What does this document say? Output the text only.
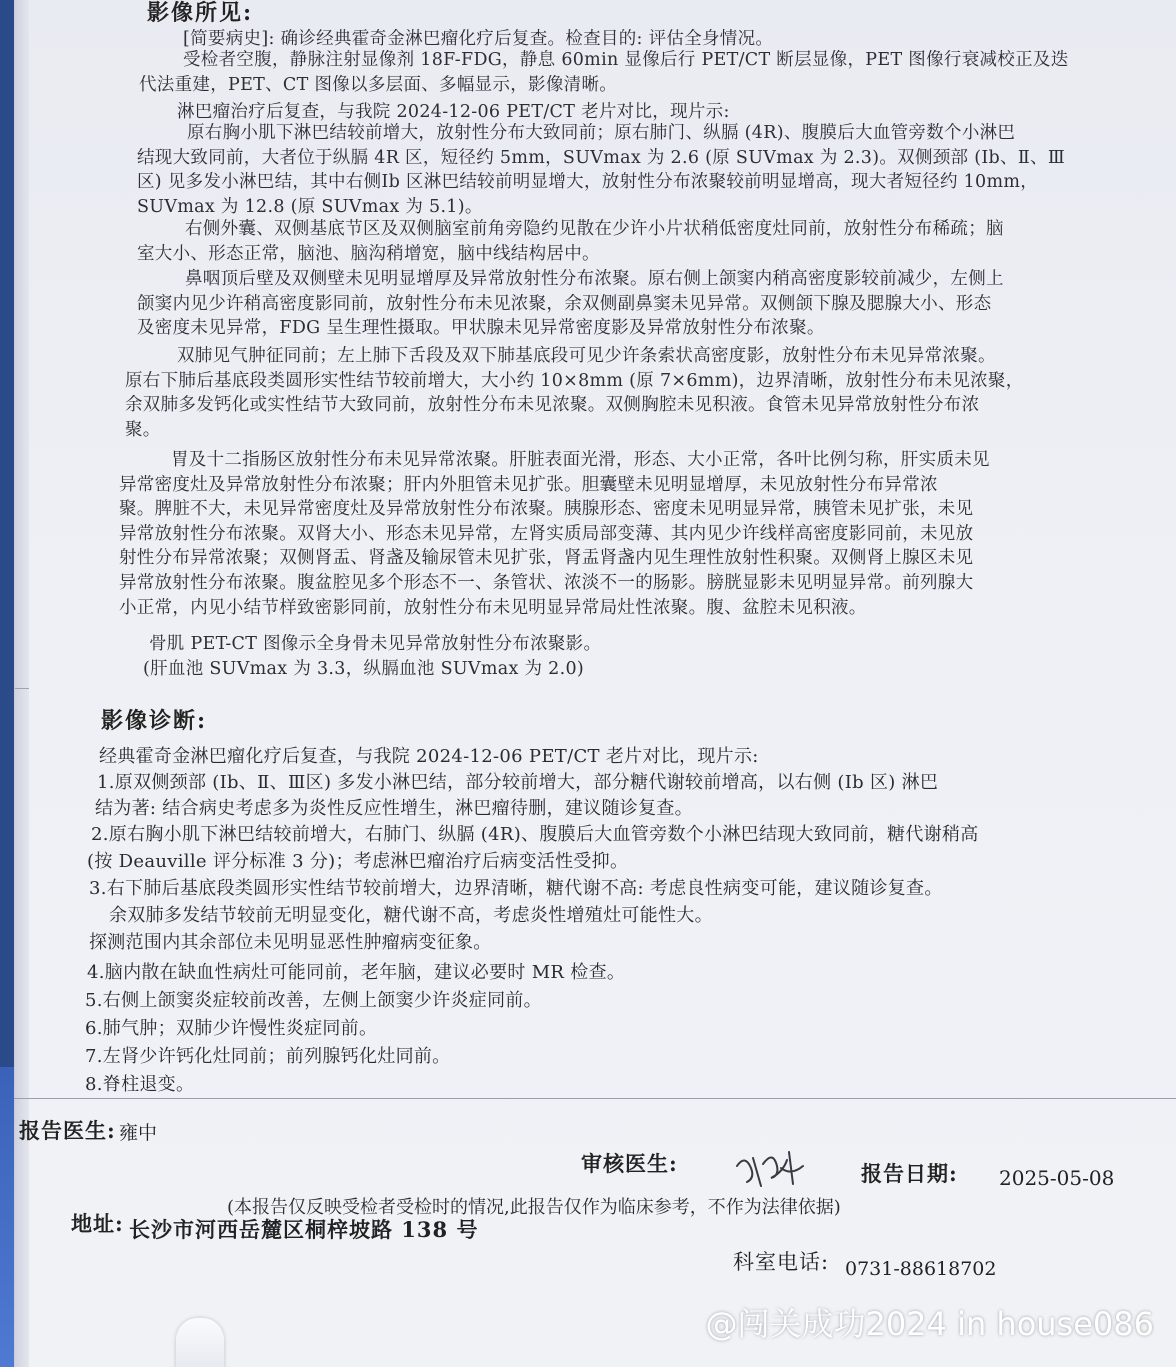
影像所见:
[简要病史]: 确诊经典霍奇金淋巴瘤化疗后复查。检查目的: 评估全身情况。
受检者空腹，静脉注射显像剂 18F-FDG，静息 60min 显像后行 PET/CT 断层显像，PET 图像行衰减校正及迭
代法重建，PET、CT 图像以多层面、多幅显示，影像清晰。
淋巴瘤治疗后复查，与我院 2024-12-06 PET/CT 老片对比，现片示:
原右胸小肌下淋巴结较前增大，放射性分布大致同前；原右肺门、纵膈 (4R)、腹膜后大血管旁数个小淋巴
结现大致同前，大者位于纵膈 4R 区，短径约 5mm，SUVmax 为 2.6 (原 SUVmax 为 2.3)。双侧颈部 (Ⅰb、Ⅱ、Ⅲ
区) 见多发小淋巴结，其中右侧Ⅰb 区淋巴结较前明显增大，放射性分布浓聚较前明显增高，现大者短径约 10mm，
SUVmax 为 12.8 (原 SUVmax 为 5.1)。
右侧外囊、双侧基底节区及双侧脑室前角旁隐约见散在少许小片状稍低密度灶同前，放射性分布稀疏；脑
室大小、形态正常，脑池、脑沟稍增宽，脑中线结构居中。
鼻咽顶后壁及双侧壁未见明显增厚及异常放射性分布浓聚。原右侧上颌窦内稍高密度影较前减少，左侧上
颌窦内见少许稍高密度影同前，放射性分布未见浓聚，余双侧副鼻窦未见异常。双侧颌下腺及腮腺大小、形态
及密度未见异常，FDG 呈生理性摄取。甲状腺未见异常密度影及异常放射性分布浓聚。
双肺见气肿征同前；左上肺下舌段及双下肺基底段可见少许条索状高密度影，放射性分布未见异常浓聚。
原右下肺后基底段类圆形实性结节较前增大，大小约 10×8mm (原 7×6mm)，边界清晰，放射性分布未见浓聚，
余双肺多发钙化或实性结节大致同前，放射性分布未见浓聚。双侧胸腔未见积液。食管未见异常放射性分布浓
聚。
胃及十二指肠区放射性分布未见异常浓聚。肝脏表面光滑，形态、大小正常，各叶比例匀称，肝实质未见
异常密度灶及异常放射性分布浓聚；肝内外胆管未见扩张。胆囊壁未见明显增厚，未见放射性分布异常浓
聚。脾脏不大，未见异常密度灶及异常放射性分布浓聚。胰腺形态、密度未见明显异常，胰管未见扩张，未见
异常放射性分布浓聚。双肾大小、形态未见异常，左肾实质局部变薄、其内见少许线样高密度影同前，未见放
射性分布异常浓聚；双侧肾盂、肾盏及输尿管未见扩张，肾盂肾盏内见生理性放射性积聚。双侧肾上腺区未见
异常放射性分布浓聚。腹盆腔见多个形态不一、条管状、浓淡不一的肠影。膀胱显影未见明显异常。前列腺大
小正常，内见小结节样致密影同前，放射性分布未见明显异常局灶性浓聚。腹、盆腔未见积液。
骨肌 PET-CT 图像示全身骨未见异常放射性分布浓聚影。
(肝血池 SUVmax 为 3.3，纵膈血池 SUVmax 为 2.0)
影像诊断:
经典霍奇金淋巴瘤化疗后复查，与我院 2024-12-06 PET/CT 老片对比，现片示:
1.原双侧颈部 (Ⅰb、Ⅱ、Ⅲ区) 多发小淋巴结，部分较前增大，部分糖代谢较前增高，以右侧 (Ⅰb 区) 淋巴
结为著: 结合病史考虑多为炎性反应性增生，淋巴瘤待删，建议随诊复查。
2.原右胸小肌下淋巴结较前增大，右肺门、纵膈 (4R)、腹膜后大血管旁数个小淋巴结现大致同前，糖代谢稍高
(按 Deauville 评分标准 3 分)；考虑淋巴瘤治疗后病变活性受抑。
3.右下肺后基底段类圆形实性结节较前增大，边界清晰，糖代谢不高: 考虑良性病变可能，建议随诊复查。
余双肺多发结节较前无明显变化，糖代谢不高，考虑炎性增殖灶可能性大。
探测范围内其余部位未见明显恶性肿瘤病变征象。
4.脑内散在缺血性病灶可能同前，老年脑，建议必要时 MR 检查。
5.右侧上颌窦炎症较前改善，左侧上颌窦少许炎症同前。
6.肺气肿；双肺少许慢性炎症同前。
7.左肾少许钙化灶同前；前列腺钙化灶同前。
8.脊柱退变。
报告医生: 雍中
审核医生:	报告日期: 2025-05-08
(本报告仅反映受检者受检时的情况,此报告仅作为临床参考，不作为法律依据)
地址: 长沙市河西岳麓区桐梓坡路 138 号
科室电话: 0731-88618702
@闯关成功2024 in house086
